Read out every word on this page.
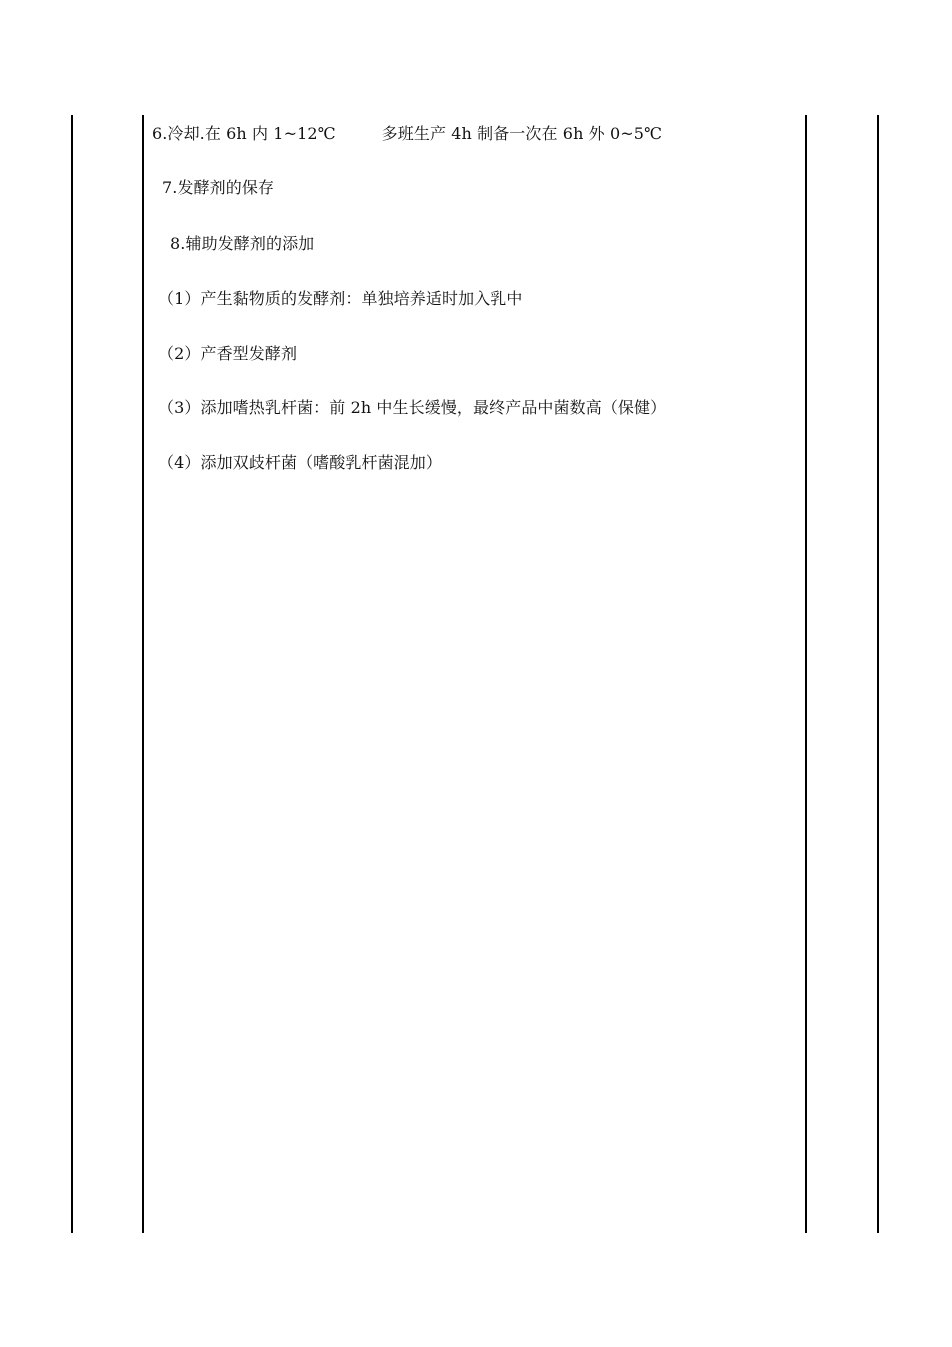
6.冷却.在 6h 内 1~12℃	多班生产 4h 制备一次在 6h 外 0~5℃
7.发酵剂的保存
8.辅助发酵剂的添加
（1）产生黏物质的发酵剂：单独培养适时加入乳中
（2）产香型发酵剂
（3）添加嗜热乳杆菌：前 2h 中生长缓慢，最终产品中菌数高（保健）
（4）添加双歧杆菌（嗜酸乳杆菌混加）
